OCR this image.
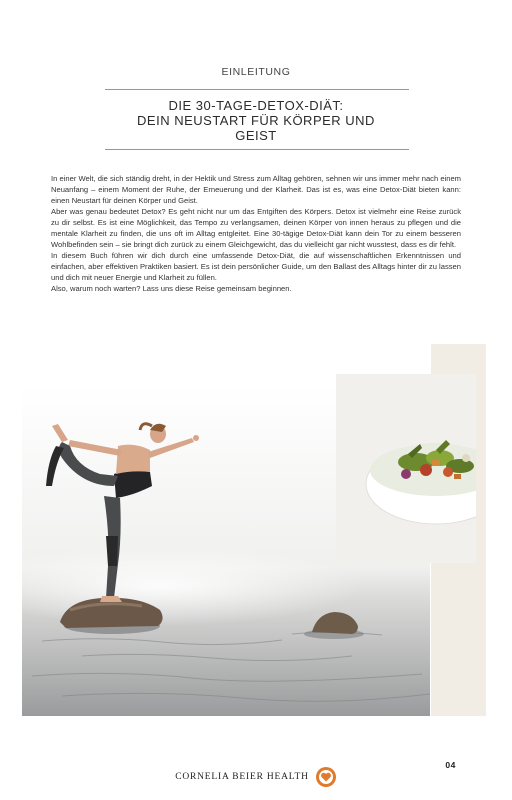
EINLEITUNG
DIE 30-TAGE-DETOX-DIÄT:
DEIN NEUSTART FÜR KÖRPER UND
GEIST

In einer Welt, die sich ständig dreht, in der Hektik und Stress zum Alltag gehören, sehnen wir uns immer mehr nach einem Neuanfang – einem Moment der Ruhe, der Erneuerung und der Klarheit. Das ist es, was eine Detox-Diät bieten kann: einen Neustart für deinen Körper und Geist.

Aber was genau bedeutet Detox? Es geht nicht nur um das Entgiften des Körpers. Detox ist vielmehr eine Reise zurück zu dir selbst. Es ist eine Möglichkeit, das Tempo zu verlangsamen, deinen Körper von innen heraus zu pflegen und die mentale Klarheit zu finden, die uns oft im Alltag entgleitet. Eine 30-tägige Detox-Diät kann dein Tor zu einem besseren Wohlbefinden sein – sie bringt dich zurück zu einem Gleichgewicht, das du vielleicht gar nicht wusstest, dass es dir fehlt.

In diesem Buch führen wir dich durch eine umfassende Detox-Diät, die auf wissenschaftlichen Erkenntnissen und einfachen, aber effektiven Praktiken basiert. Es ist dein persönlicher Guide, um den Ballast des Alltags hinter dir zu lassen und dich mit neuer Energie und Klarheit zu füllen.

Also, warum noch warten? Lass uns diese Reise gemeinsam beginnen.

CORNELIA BEIER HEALTH
04
